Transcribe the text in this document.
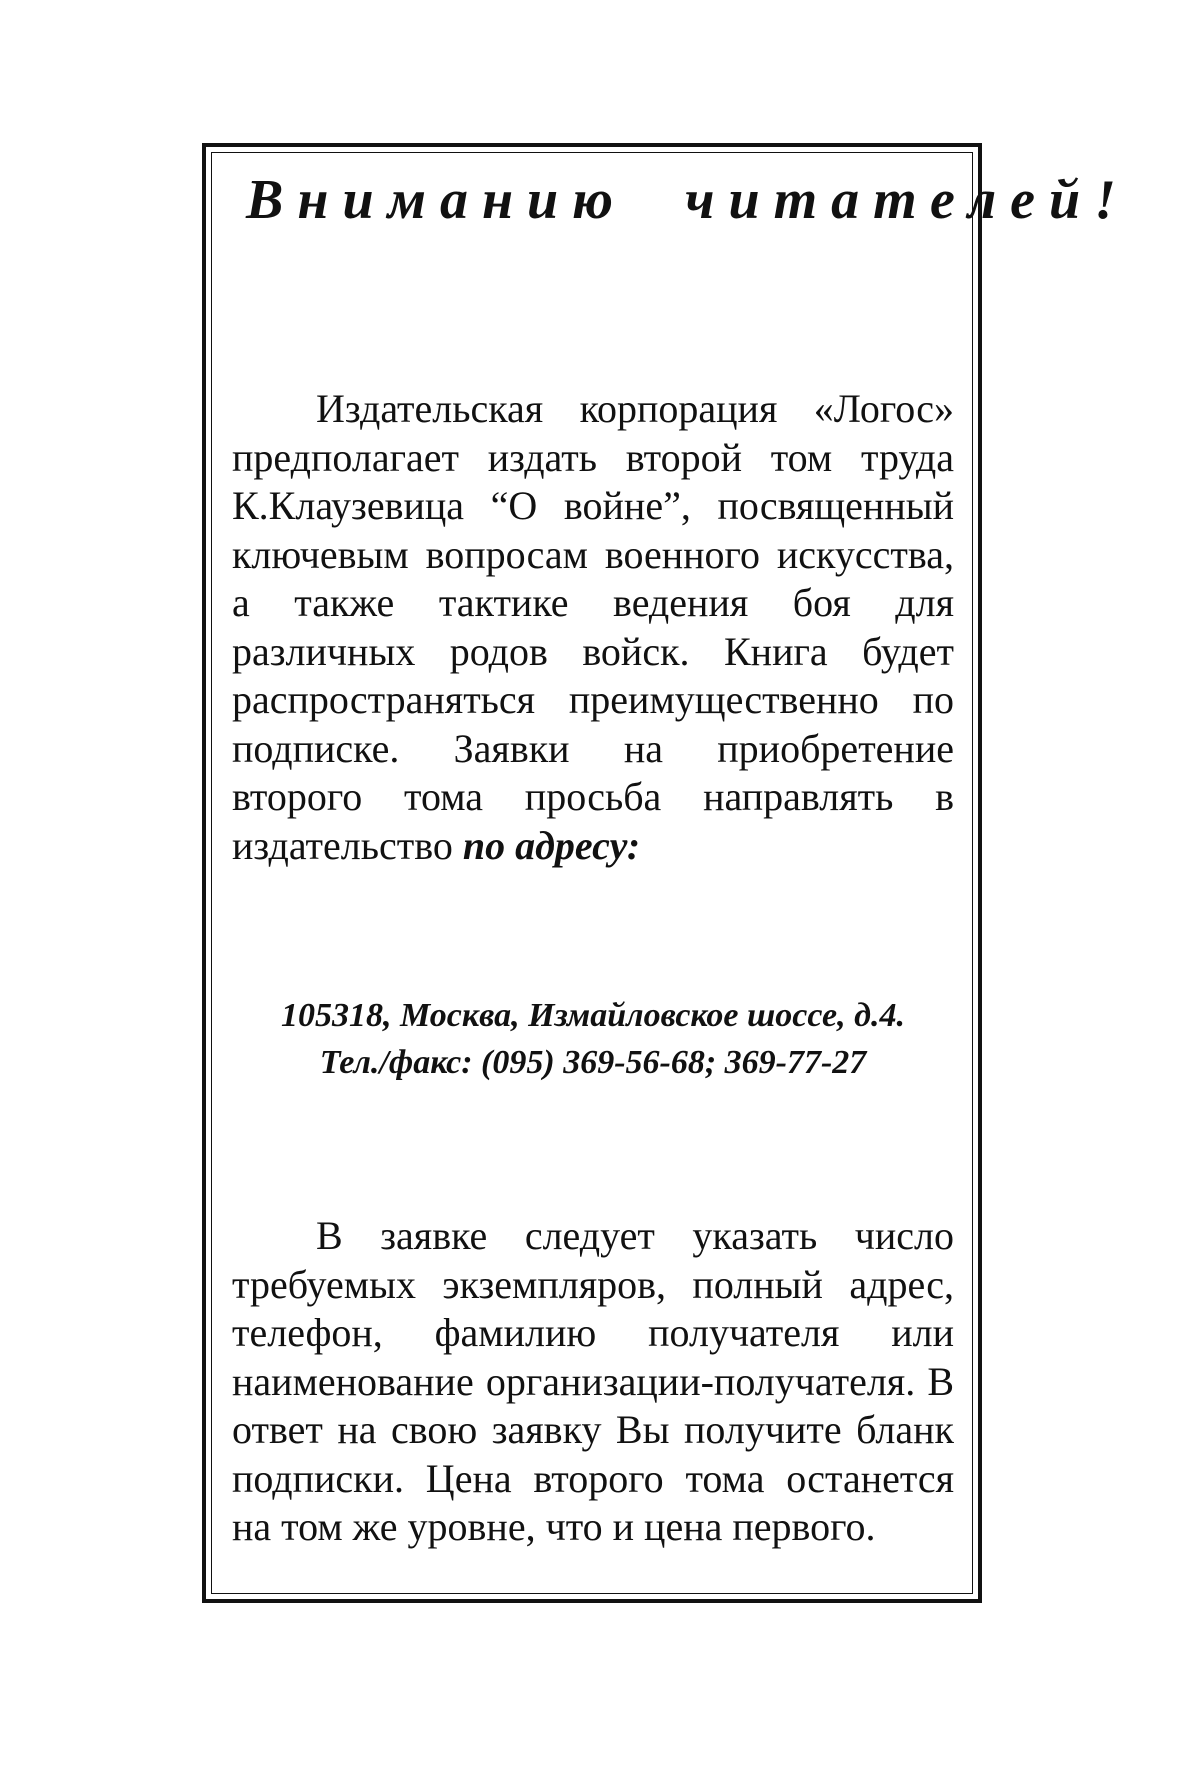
Вниманию читателей!

Издательская корпорация «Логос» предполагает издать второй том труда К.Клаузевица “О войне”, посвященный ключевым вопросам военного искусства, а также тактике ведения боя для различных родов войск. Книга будет распространяться преимущественно по подписке. Заявки на приобретение второго тома просьба направлять в издательство по адресу:

105318, Москва, Измайловское шоссе, д.4.
Тел./факс: (095) 369-56-68; 369-77-27

В заявке следует указать число требуемых экземпляров, полный адрес, телефон, фамилию получателя или наименование организации-получателя. В ответ на свою заявку Вы получите бланк подписки. Цена второго тома останется на том же уровне, что и цена первого.
